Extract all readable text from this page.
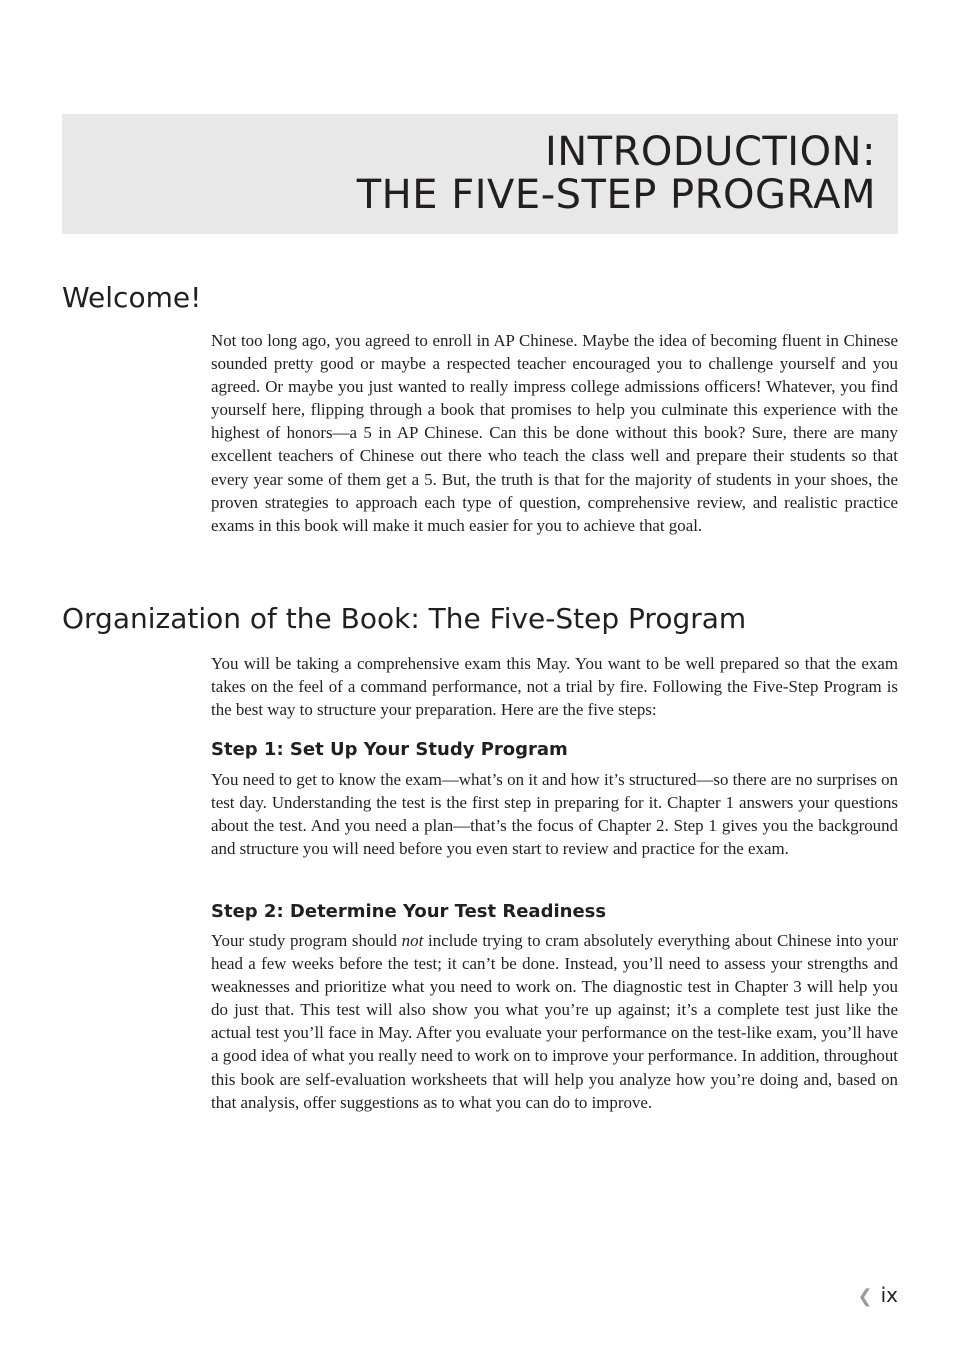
INTRODUCTION:
THE FIVE-STEP PROGRAM
Welcome!

Not too long ago, you agreed to enroll in AP Chinese. Maybe the idea of becoming fluent in Chinese sounded pretty good or maybe a respected teacher encouraged you to challenge yourself and you agreed. Or maybe you just wanted to really impress college admissions officers! Whatever, you find yourself here, flipping through a book that promises to help you culminate this experience with the highest of honors—a 5 in AP Chinese. Can this be done without this book? Sure, there are many excellent teachers of Chinese out there who teach the class well and prepare their students so that every year some of them get a 5. But, the truth is that for the majority of students in your shoes, the proven strategies to approach each type of question, comprehensive review, and realistic practice exams in this book will make it much easier for you to achieve that goal.

Organization of the Book: The Five-Step Program

You will be taking a comprehensive exam this May. You want to be well prepared so that the exam takes on the feel of a command performance, not a trial by fire. Following the Five-Step Program is the best way to structure your preparation. Here are the five steps:

Step 1: Set Up Your Study Program

You need to get to know the exam—what’s on it and how it’s structured—so there are no surprises on test day. Understanding the test is the first step in preparing for it. Chapter 1 answers your questions about the test. And you need a plan—that’s the focus of Chapter 2. Step 1 gives you the background and structure you will need before you even start to review and practice for the exam.

Step 2: Determine Your Test Readiness

Your study program should not include trying to cram absolutely everything about Chinese into your head a few weeks before the test; it can’t be done. Instead, you’ll need to assess your strengths and weaknesses and prioritize what you need to work on. The diagnostic test in Chapter 3 will help you do just that. This test will also show you what you’re up against; it’s a complete test just like the actual test you’ll face in May. After you evaluate your performance on the test-like exam, you’ll have a good idea of what you really need to work on to improve your performance. In addition, throughout this book are self-evaluation worksheets that will help you analyze how you’re doing and, based on that analysis, offer suggestions as to what you can do to improve.

❮ ix
